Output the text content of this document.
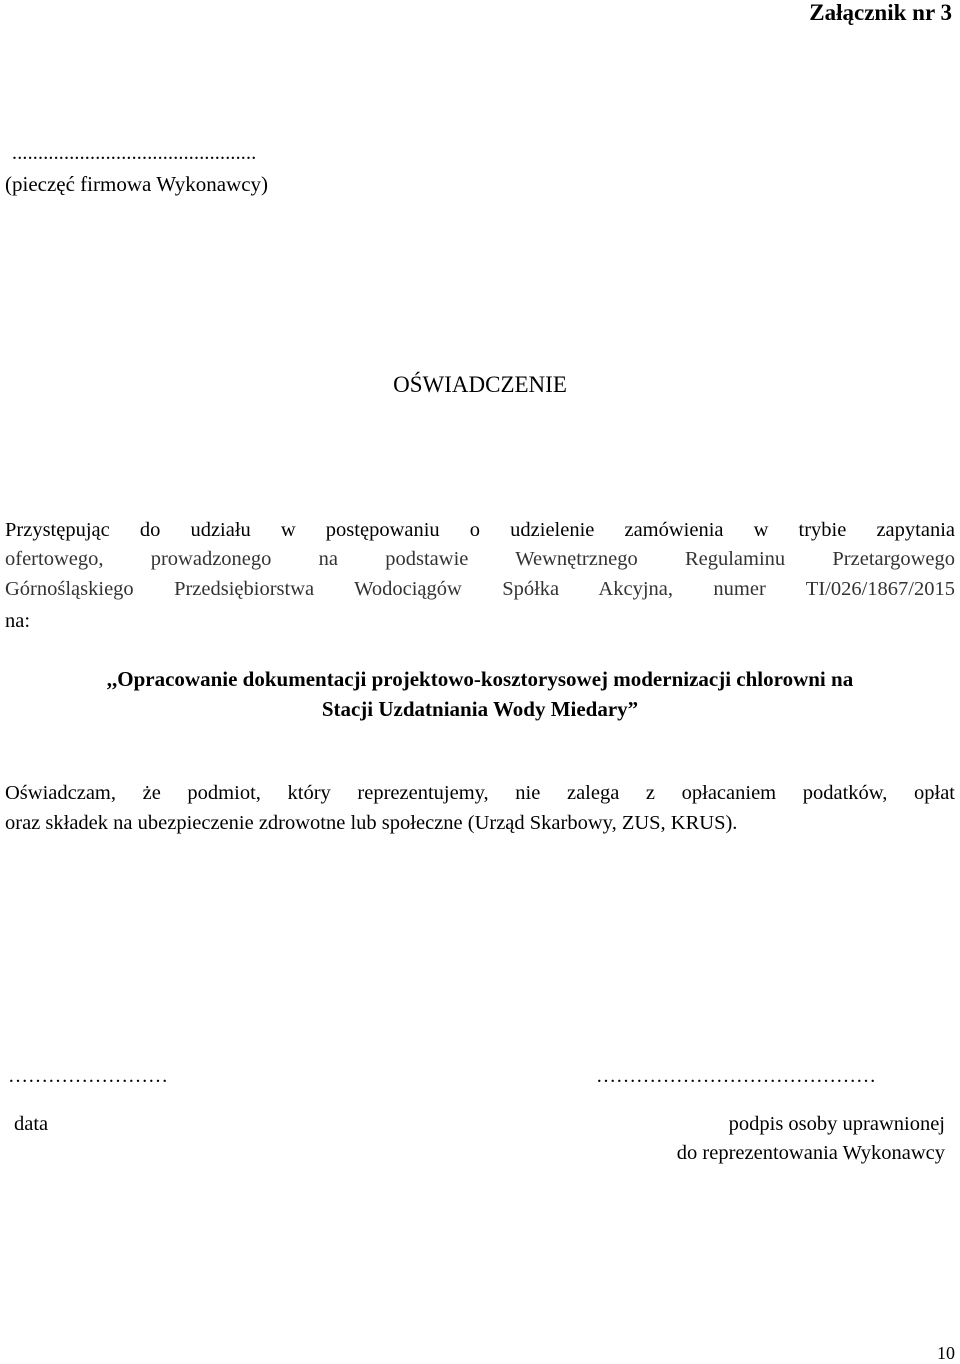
Załącznik nr 3
...............................................
(pieczęć firmowa Wykonawcy)
OŚWIADCZENIE
Przystępując do udziału w postępowaniu o udzielenie zamówienia w trybie zapytania
ofertowego, prowadzonego na podstawie Wewnętrznego Regulaminu Przetargowego
Górnośląskiego Przedsiębiorstwa Wodociągów Spółka Akcyjna, numer TI/026/1867/2015
na:
,,Opracowanie dokumentacji projektowo-kosztorysowej modernizacji chlorowni na
Stacji Uzdatniania Wody Miedary”
Oświadczam, że podmiot, który reprezentujemy, nie zalega z opłacaniem podatków, opłat
oraz składek na ubezpieczenie zdrowotne lub społeczne (Urząd Skarbowy, ZUS, KRUS).
……………………	……………………………………
data	podpis osoby uprawnionej
do reprezentowania Wykonawcy
10
